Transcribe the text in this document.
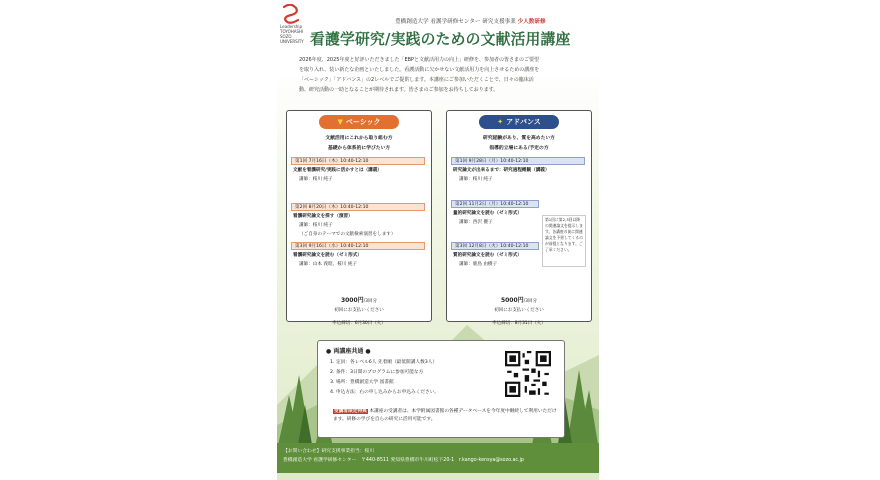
Leadership
TOYOHASHI
SOZO
UNIVERSITY
豊橋創造大学 看護学研修センター 研究支援事業 少人数研修
看護学研究/実践のための文献活用講座
2026年度、2025年度と好評いただきました「EBPと文献活用力の向上」研修を、参加者の皆さまのご要望
を取り入れ、装い新たな企画といたしました。看護活動に欠かせない文献活用力を向上させるための講座を
「ベーシック」「アドバンス」の2レベルでご提供します。本講座にご参加いただくことで、日々の臨床活
動、研究活動の一助となることが期待されます。皆さまのご参加をお待ちしております。
▼ ベーシック
文献活用にこれから取り組む方
基礎から体系的に学びたい方
第1回 7月16日（木）10:40-12:10
文献を看護研究/実践に活かすとは（講義）
講師：桜川 純子
第2回 8月20日（木）10:40-12:10
看護研究論文を探す（演習）
講師：桜川 純子
（ご自身のテーマでの文献検索演習をします）
第3回 9月16日（水）10:40-12:10
看護研究論文を読む（ゼミ形式）
講師：山本 義昭、桜川 純子
3000円/3回分
初回にお支払いください
申込締切：6月30日（火）
✦ アドバンス
研究経験があり、質を高めたい方
指導的立場にある/予定の方
第1回 9月28日（月）10:40-12:10
研究論文が出来るまで：研究過程概観（講義）
講師：桜川 純子
第2回 11月2日（月）10:40-12:10
量的研究論文を読む（ゼミ形式）
講師：西沢 優子
第3回 12月8日（火）10:40-12:10
質的研究論文を読む（ゼミ形式）
講師：鹿島 由樹子
第1回に第2,3回以降の関連論文を提示します。各講座の前に関連論文を予習してくるのが前提となります。ご了承ください。
5000円/3回分
初回にお支払いください
申込締切：8月31日（火）
● 両講座共通 ●
1. 定員：各レベル6人 先着順（最低開講人数3人）
2. 条件：3日間のプログラムに参加可能な方
3. 場所：豊橋創造大学 図書館
4. 申込方法：右の申し込みからお申込みください。
受講者限定特典 本講座の受講者は、本学附属図書館の各種データベースを今年度中継続して利用いただけます。研修の学びを自らの研究に活用可能です。
【お問い合わせ】研究支援事業担当：桜川
豊橋創造大学 看護学研修センター　〒440-8511 愛知県豊橋市牛川町松下20-1　r.kango-kensya@sozo.ac.jp
